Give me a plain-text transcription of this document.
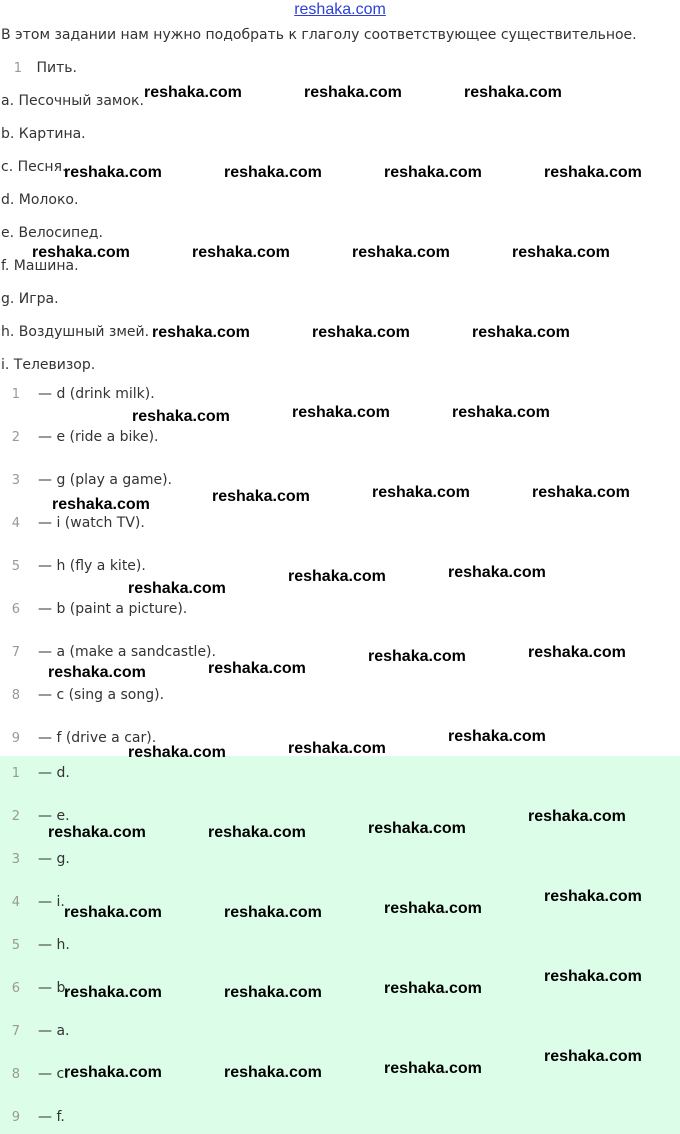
reshaka.com
В этом задании нам нужно подобрать к глаголу соответствующее существительное.
1 Пить.
a. Песочный замок.
b. Картина.
c. Песня.
d. Молоко.
e. Велосипед.
f. Машина.
g. Игра.
h. Воздушный змей.
i. Телевизор.
1 — d (drink milk).
2 — e (ride a bike).
3 — g (play a game).
4 — i (watch TV).
5 — h (fly a kite).
6 — b (paint a picture).
7 — a (make a sandcastle).
8 — c (sing a song).
9 — f (drive a car).
1 — d.
2 — e.
3 — g.
4 — i.
5 — h.
6 — b.
7 — a.
8 — c.
9 — f.
reshaka.com	reshaka.com	reshaka.com
reshaka.com	reshaka.com	reshaka.com	reshaka.com
reshaka.com	reshaka.com	reshaka.com	reshaka.com
reshaka.com	reshaka.com	reshaka.com
reshaka.com	reshaka.com	reshaka.com
reshaka.com	reshaka.com	reshaka.com	reshaka.com
reshaka.com
reshaka.com	reshaka.com
reshaka.com	reshaka.com
reshaka.com	reshaka.com
reshaka.com	reshaka.com
reshaka.com
reshaka.com	reshaka.com	reshaka.com
reshaka.com
reshaka.com	reshaka.com	reshaka.com
reshaka.com
reshaka.com	reshaka.com	reshaka.com
reshaka.com
reshaka.com	reshaka.com	reshaka.com
reshaka.com
